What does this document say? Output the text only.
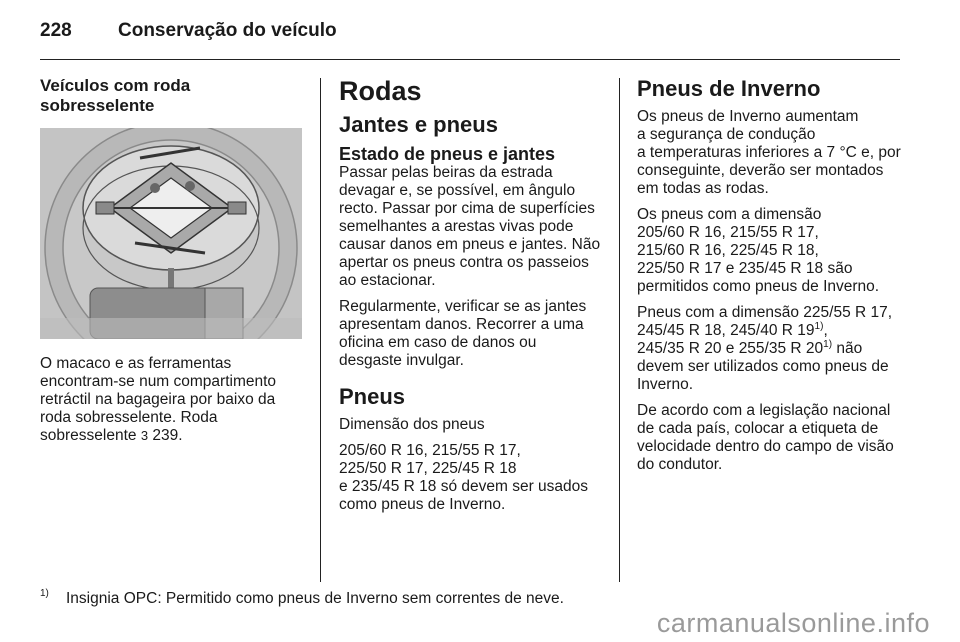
228 Conservação do veículo
Veículos com roda
sobresselente

O macaco e as ferramentas
encontram-se num compartimento
retráctil na bagageira por baixo da
roda sobresselente. Roda
sobresselente 3 239.

Rodas
Jantes e pneus
Estado de pneus e jantes

Passar pelas beiras da estrada
devagar e, se possível, em ângulo
recto. Passar por cima de superfícies
semelhantes a arestas vivas pode
causar danos em pneus e jantes. Não
apertar os pneus contra os passeios
ao estacionar.

Regularmente, verificar se as jantes
apresentam danos. Recorrer a uma
oficina em caso de danos ou
desgaste invulgar.

Pneus

Dimensão dos pneus

205/60 R 16, 215/55 R 17,
225/50 R 17, 225/45 R 18
e 235/45 R 18 só devem ser usados
como pneus de Inverno.

Pneus de Inverno

Os pneus de Inverno aumentam
a segurança de condução
a temperaturas inferiores a 7 °C e, por
conseguinte, deverão ser montados
em todas as rodas.

Os pneus com a dimensão
205/60 R 16, 215/55 R 17,
215/60 R 16, 225/45 R 18,
225/50 R 17 e 235/45 R 18 são
permitidos como pneus de Inverno.

Pneus com a dimensão 225/55 R 17,
245/45 R 18, 245/40 R 19$^{1)}$,
245/35 R 20 e 255/35 R 20$^{1)}$ não
devem ser utilizados como pneus de
Inverno.

De acordo com a legislação nacional
de cada país, colocar a etiqueta de
velocidade dentro do campo de visão
do condutor.

1) Insignia OPC: Permitido como pneus de Inverno sem correntes de neve.
carmanualsonline.info
